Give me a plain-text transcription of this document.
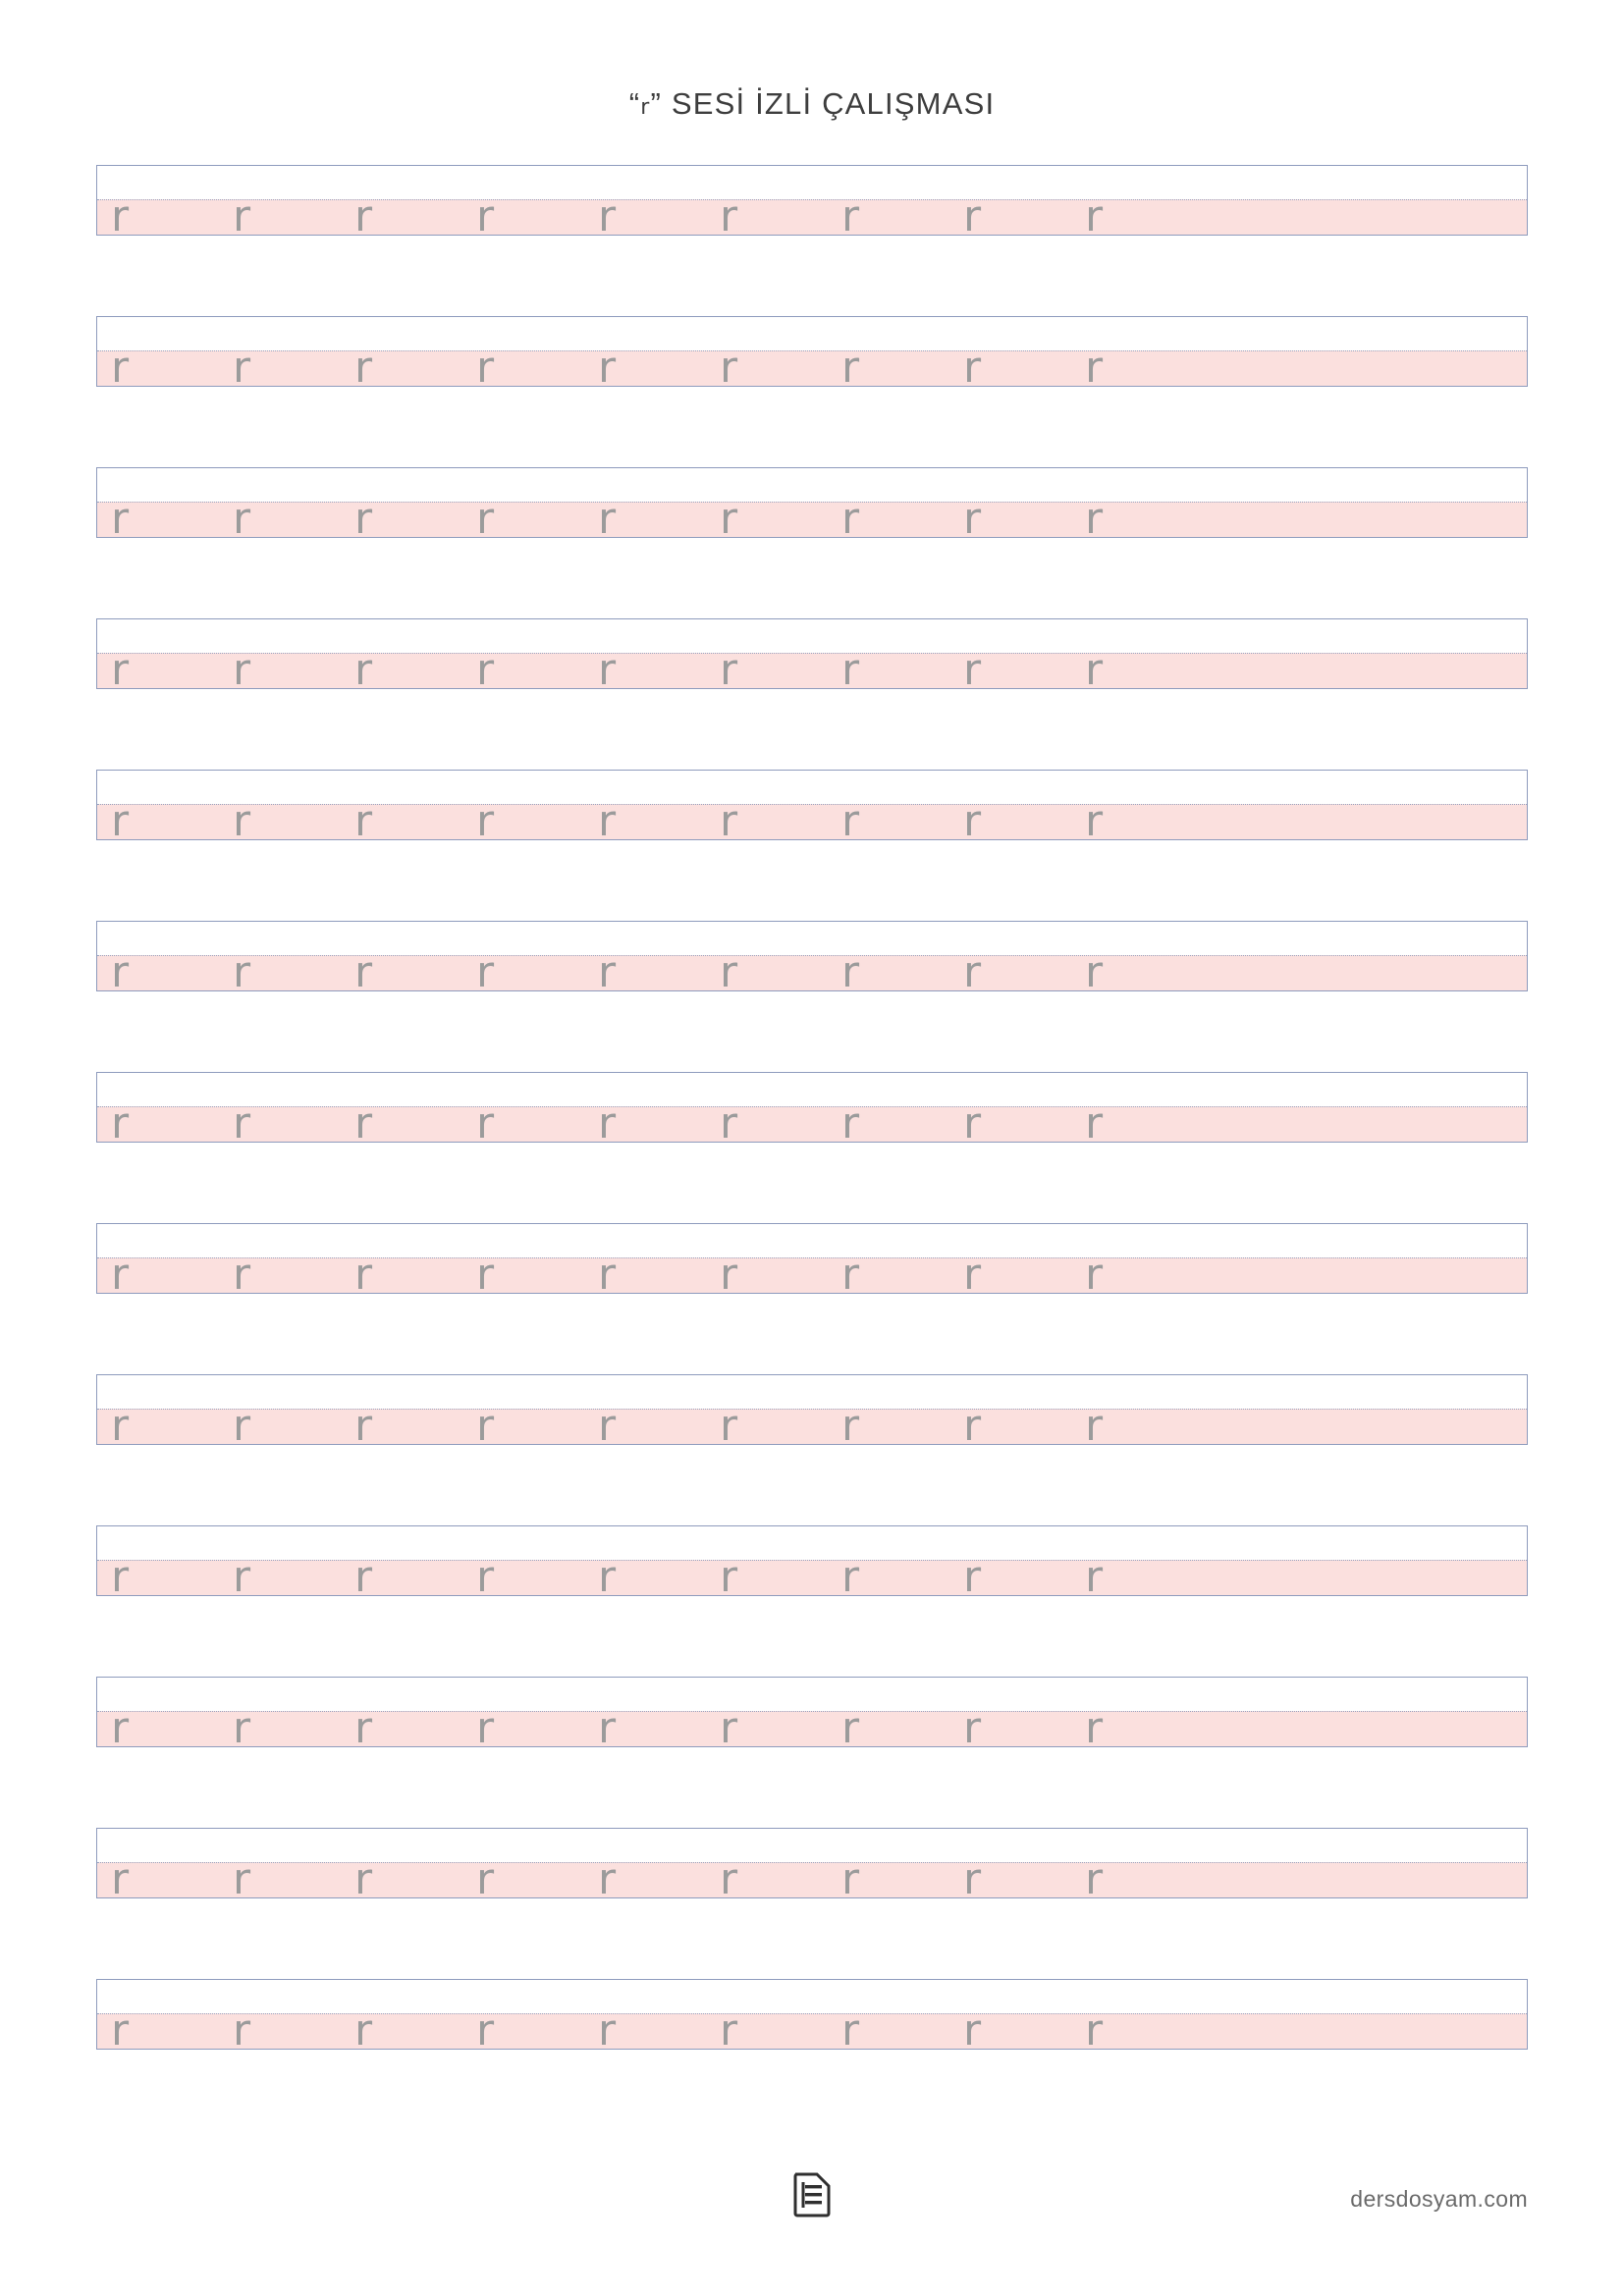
“r” SESİ İZLİ ÇALIŞMASI
r r r r r r r r r
r r r r r r r r r
r r r r r r r r r
r r r r r r r r r
r r r r r r r r r
r r r r r r r r r
r r r r r r r r r
r r r r r r r r r
r r r r r r r r r
r r r r r r r r r
r r r r r r r r r
r r r r r r r r r
r r r r r r r r r
dersdosyam.com
